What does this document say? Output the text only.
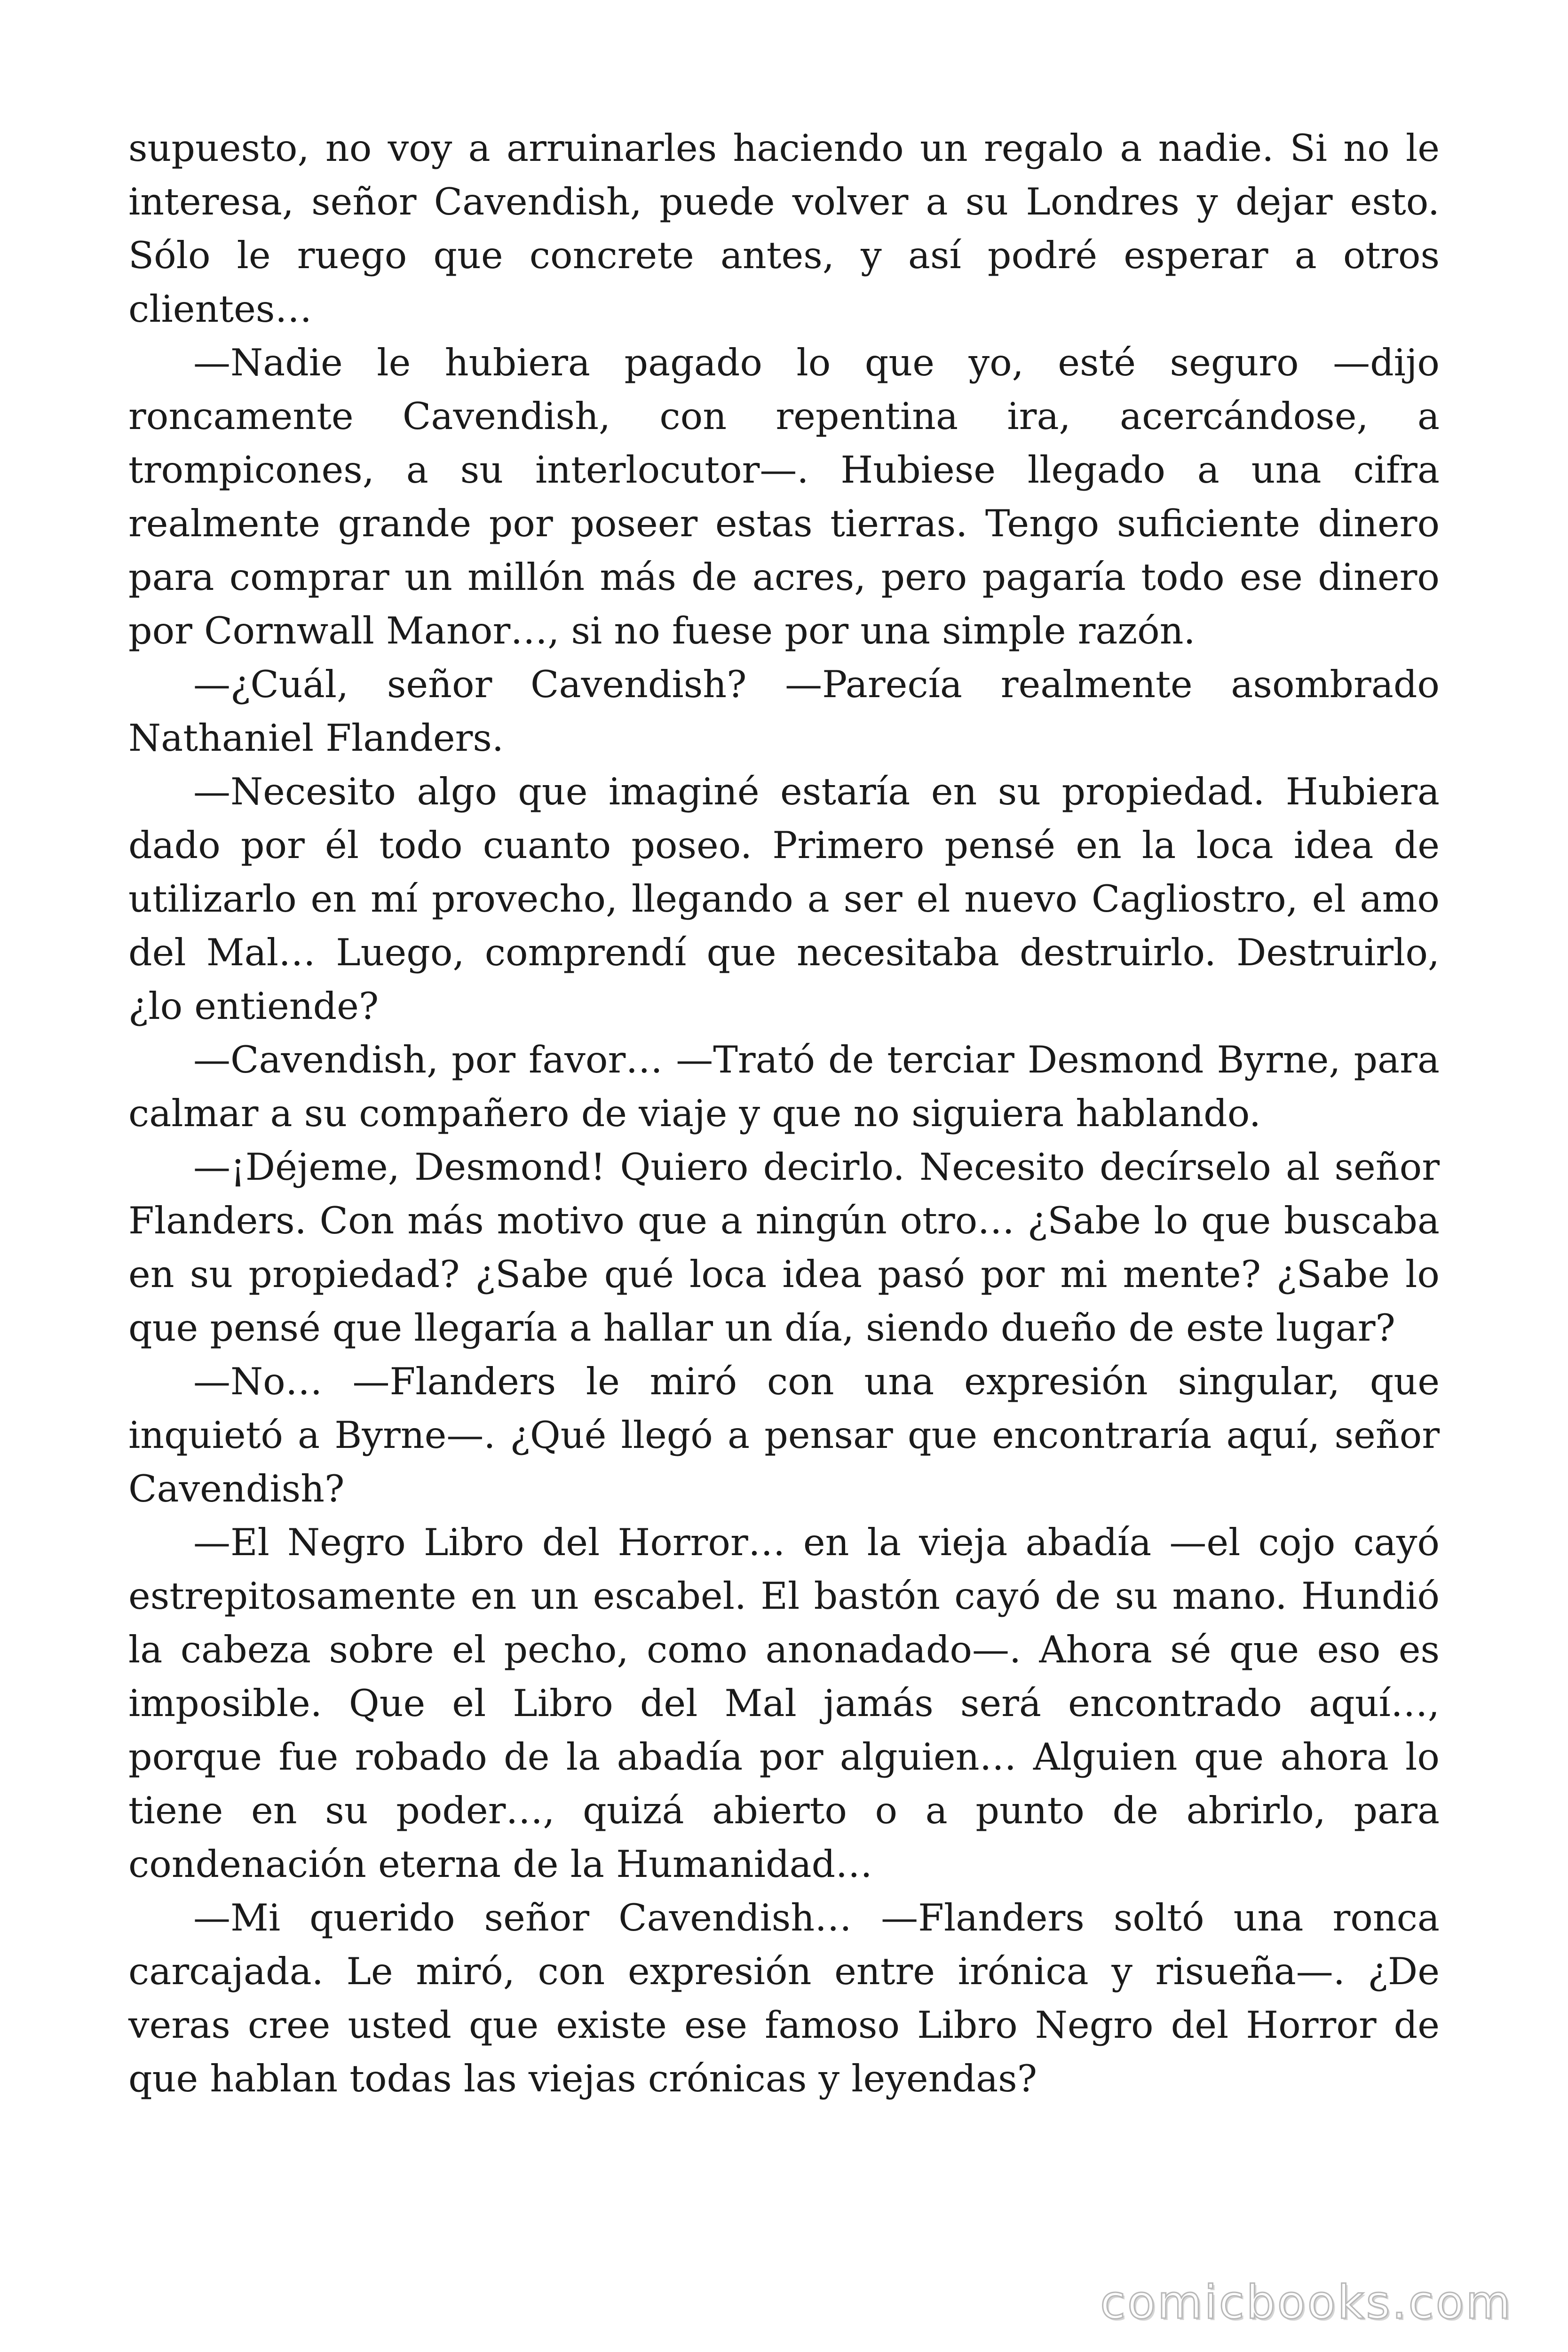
supuesto, no voy a arruinarles haciendo un regalo a nadie. Si no le interesa, señor Cavendish, puede volver a su Londres y dejar esto. Sólo le ruego que concrete antes, y así podré esperar a otros clientes…

—Nadie le hubiera pagado lo que yo, esté seguro —dijo roncamente Cavendish, con repentina ira, acercándose, a trompicones, a su interlocutor—. Hubiese llegado a una cifra realmente grande por poseer estas tierras. Tengo suficiente dinero para comprar un millón más de acres, pero pagaría todo ese dinero por Cornwall Manor…, si no fuese por una simple razón.

—¿Cuál, señor Cavendish? —Parecía realmente asombrado Nathaniel Flanders.

—Necesito algo que imaginé estaría en su propiedad. Hubiera dado por él todo cuanto poseo. Primero pensé en la loca idea de utilizarlo en mí provecho, llegando a ser el nuevo Cagliostro, el amo del Mal… Luego, comprendí que necesitaba destruirlo. Destruirlo, ¿lo entiende?

—Cavendish, por favor… —Trató de terciar Desmond Byrne, para calmar a su compañero de viaje y que no siguiera hablando.

—¡Déjeme, Desmond! Quiero decirlo. Necesito decírselo al señor Flanders. Con más motivo que a ningún otro… ¿Sabe lo que buscaba en su propiedad? ¿Sabe qué loca idea pasó por mi mente? ¿Sabe lo que pensé que llegaría a hallar un día, siendo dueño de este lugar?

—No… —Flanders le miró con una expresión singular, que inquietó a Byrne—. ¿Qué llegó a pensar que encontraría aquí, señor Cavendish?

—El Negro Libro del Horror… en la vieja abadía —el cojo cayó estrepitosamente en un escabel. El bastón cayó de su mano. Hundió la cabeza sobre el pecho, como anonadado—. Ahora sé que eso es imposible. Que el Libro del Mal jamás será encontrado aquí…, porque fue robado de la abadía por alguien… Alguien que ahora lo tiene en su poder…, quizá abierto o a punto de abrirlo, para condenación eterna de la Humanidad…

—Mi querido señor Cavendish… —Flanders soltó una ronca carcajada. Le miró, con expresión entre irónica y risueña—. ¿De veras cree usted que existe ese famoso Libro Negro del Horror de que hablan todas las viejas crónicas y leyendas?

comicbooks.com
